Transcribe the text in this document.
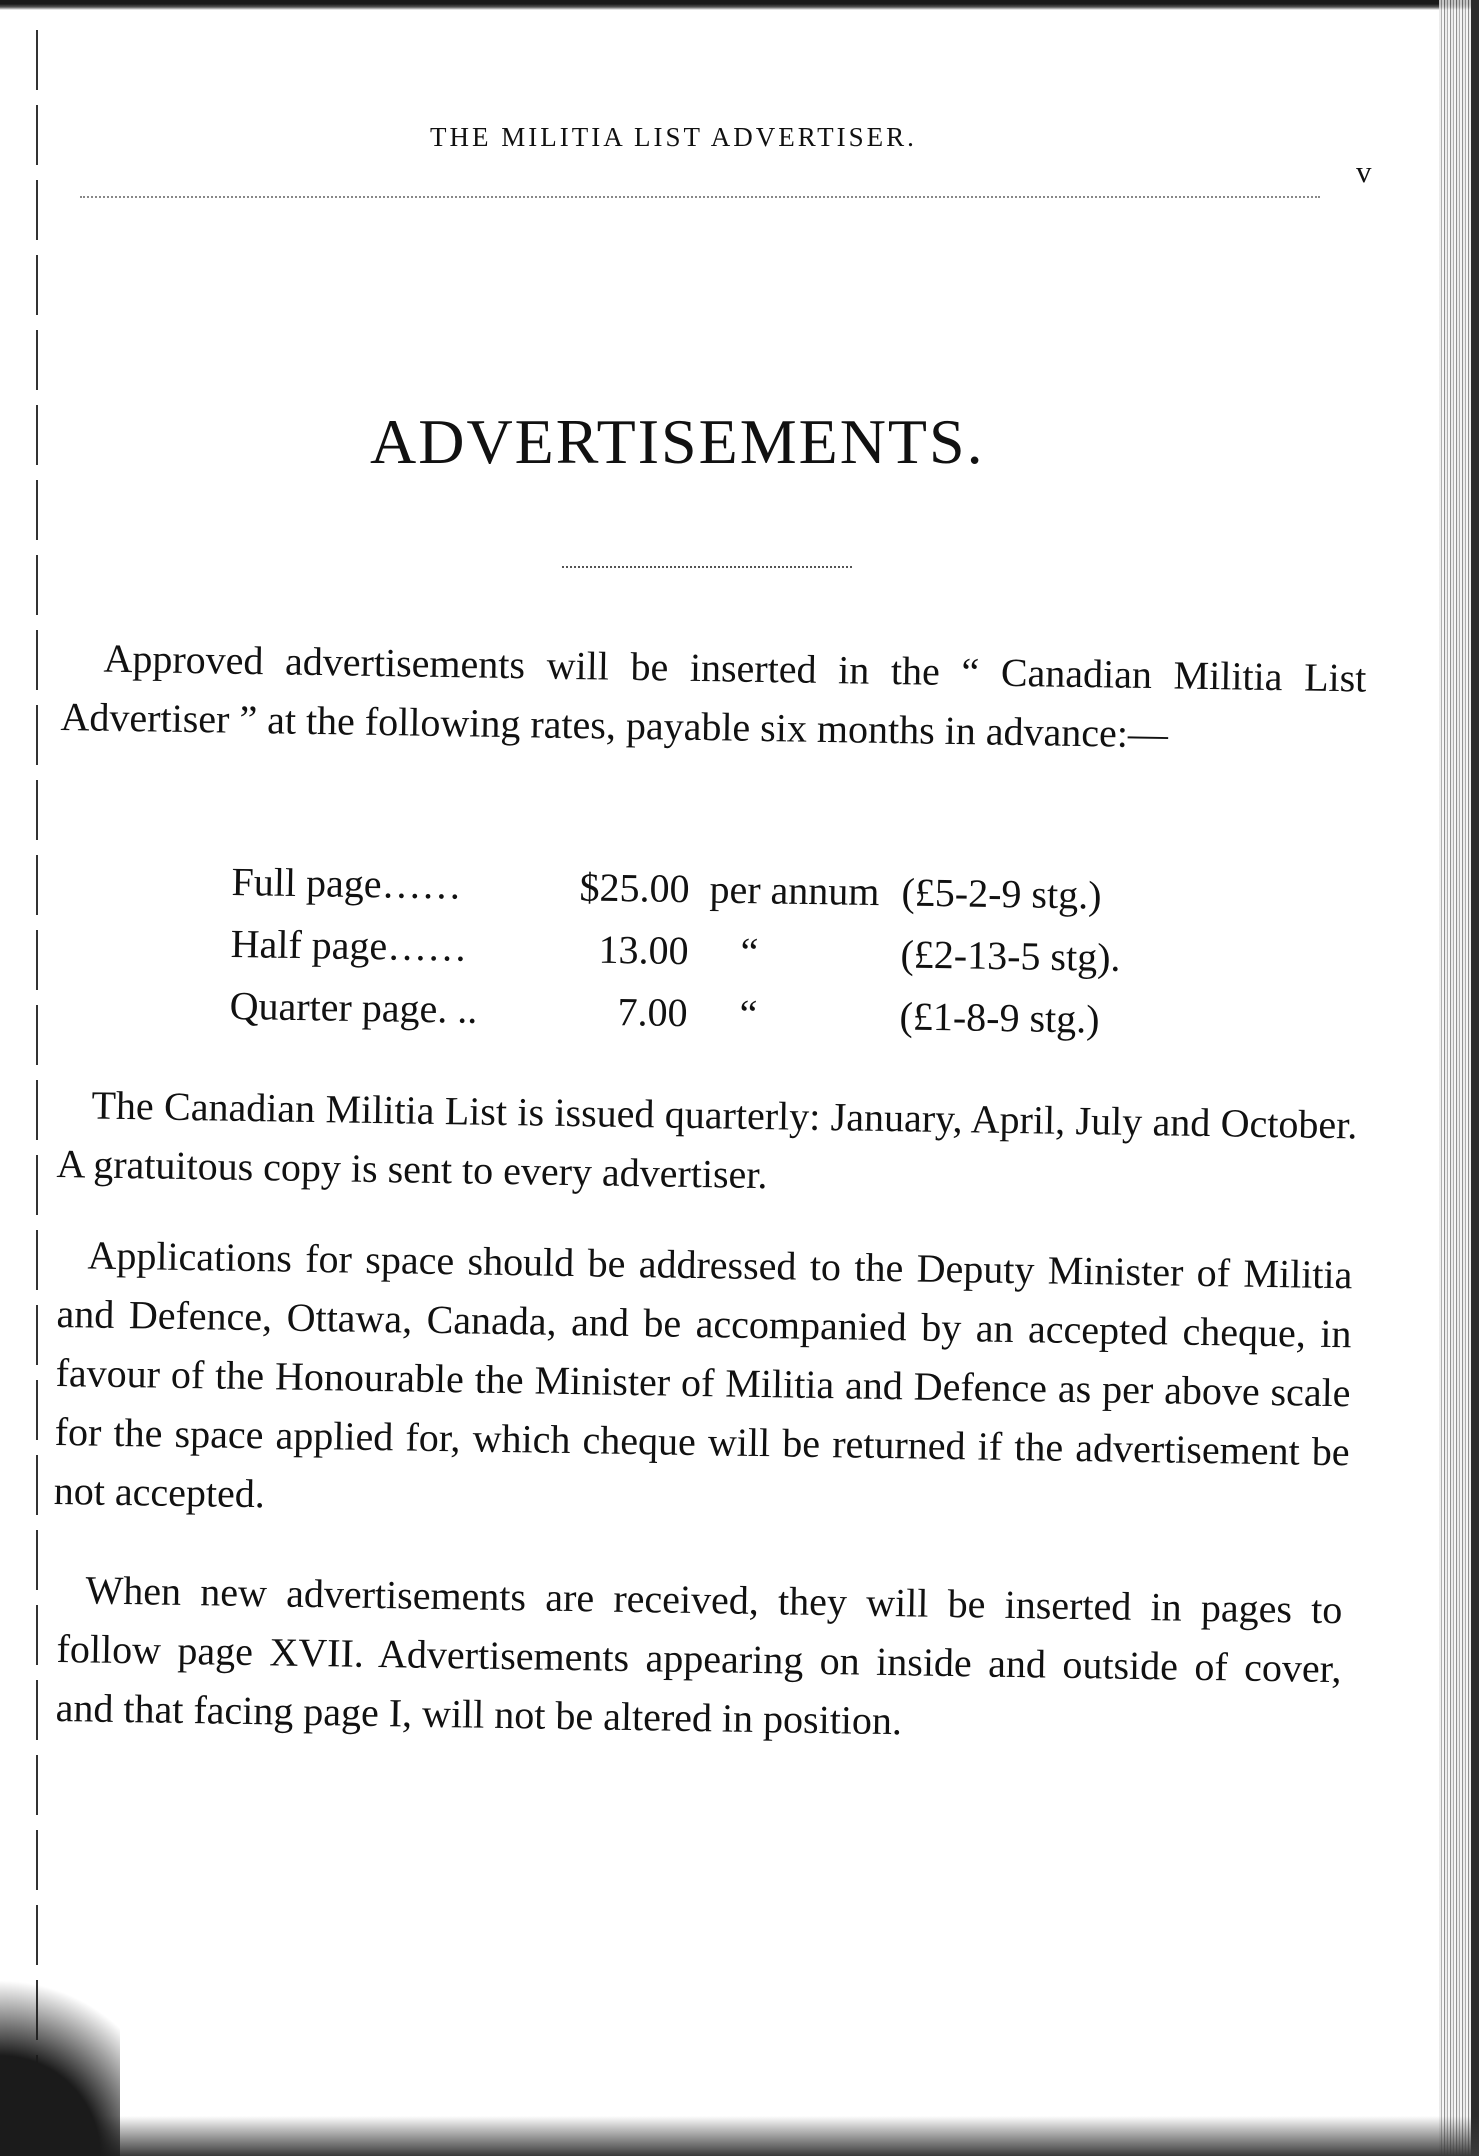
THE MILITIA LIST ADVERTISER.
v
ADVERTISEMENTS.

Approved advertisements will be inserted in the “ Canadian Militia List Advertiser ” at the following rates, payable six months in advance:—

Full page……	$25.00 per annum (£5-2-9 stg.)
Half page……	13.00 “	(£2-13-5 stg).
Quarter page. ..	7.00 “	(£1-8-9 stg.)

The Canadian Militia List is issued quarterly: January, April, July and October. A gratuitous copy is sent to every advertiser.

Applications for space should be addressed to the Deputy Minister of Militia and Defence, Ottawa, Canada, and be accompanied by an accepted cheque, in favour of the Honourable the Minister of Militia and Defence as per above scale for the space applied for, which cheque will be returned if the advertisement be not accepted.

When new advertisements are received, they will be inserted in pages to follow page XVII. Advertisements appearing on inside and outside of cover, and that facing page I, will not be altered in position.
